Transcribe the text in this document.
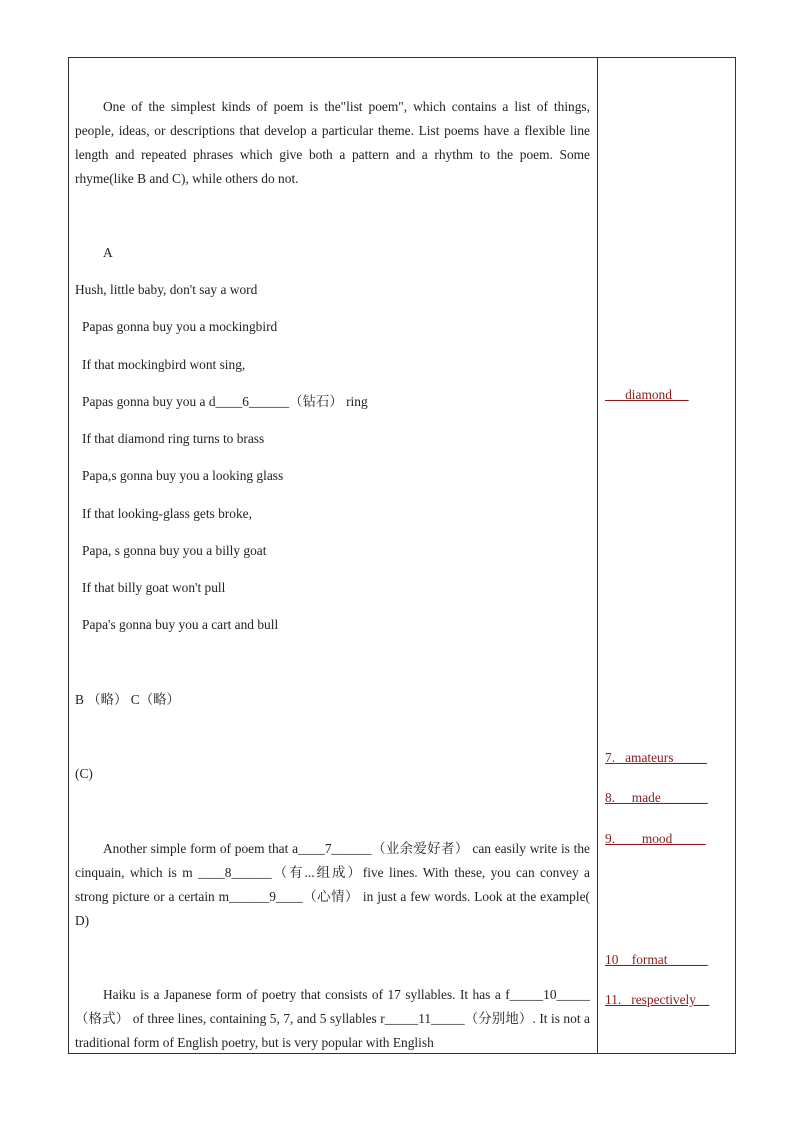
One of the simplest kinds of poem is the"list poem", which contains a list of things, people, ideas, or descriptions that develop a particular theme. List poems have a flexible line length and repeated phrases which give both a pattern and a rhythm to the poem. Some rhyme(like B and C), while others do not.
A
Hush, little baby, don't say a word
Papas gonna buy you a mockingbird
If that mockingbird wont sing,
Papas gonna buy you a d____6______（钻石） ring
If that diamond ring turns to brass
Papa,s gonna buy you a looking glass
If that looking-glass gets broke,
Papa, s gonna buy you a billy goat
If that billy goat won't pull
Papa's gonna buy you a cart and bull
B （略） C（略）
(C)
Another simple form of poem that a____7______（业余爱好者） can easily write is the cinquain, which is m ____8______（有...组成）five lines. With these, you can convey a strong picture or a certain m______9____（心情） in just a few words. Look at the example( D)
Haiku is a Japanese form of poetry that consists of 17 syllables. It has a f_____10_____（格式） of three lines, containing 5, 7, and 5 syllables r_____11_____（分别地）. It is not a traditional form of English poetry, but is very popular with English
___diamond__
7.   amateurs_____
8.     made_______
9.____mood_____
10__format______
11.   respectively__
